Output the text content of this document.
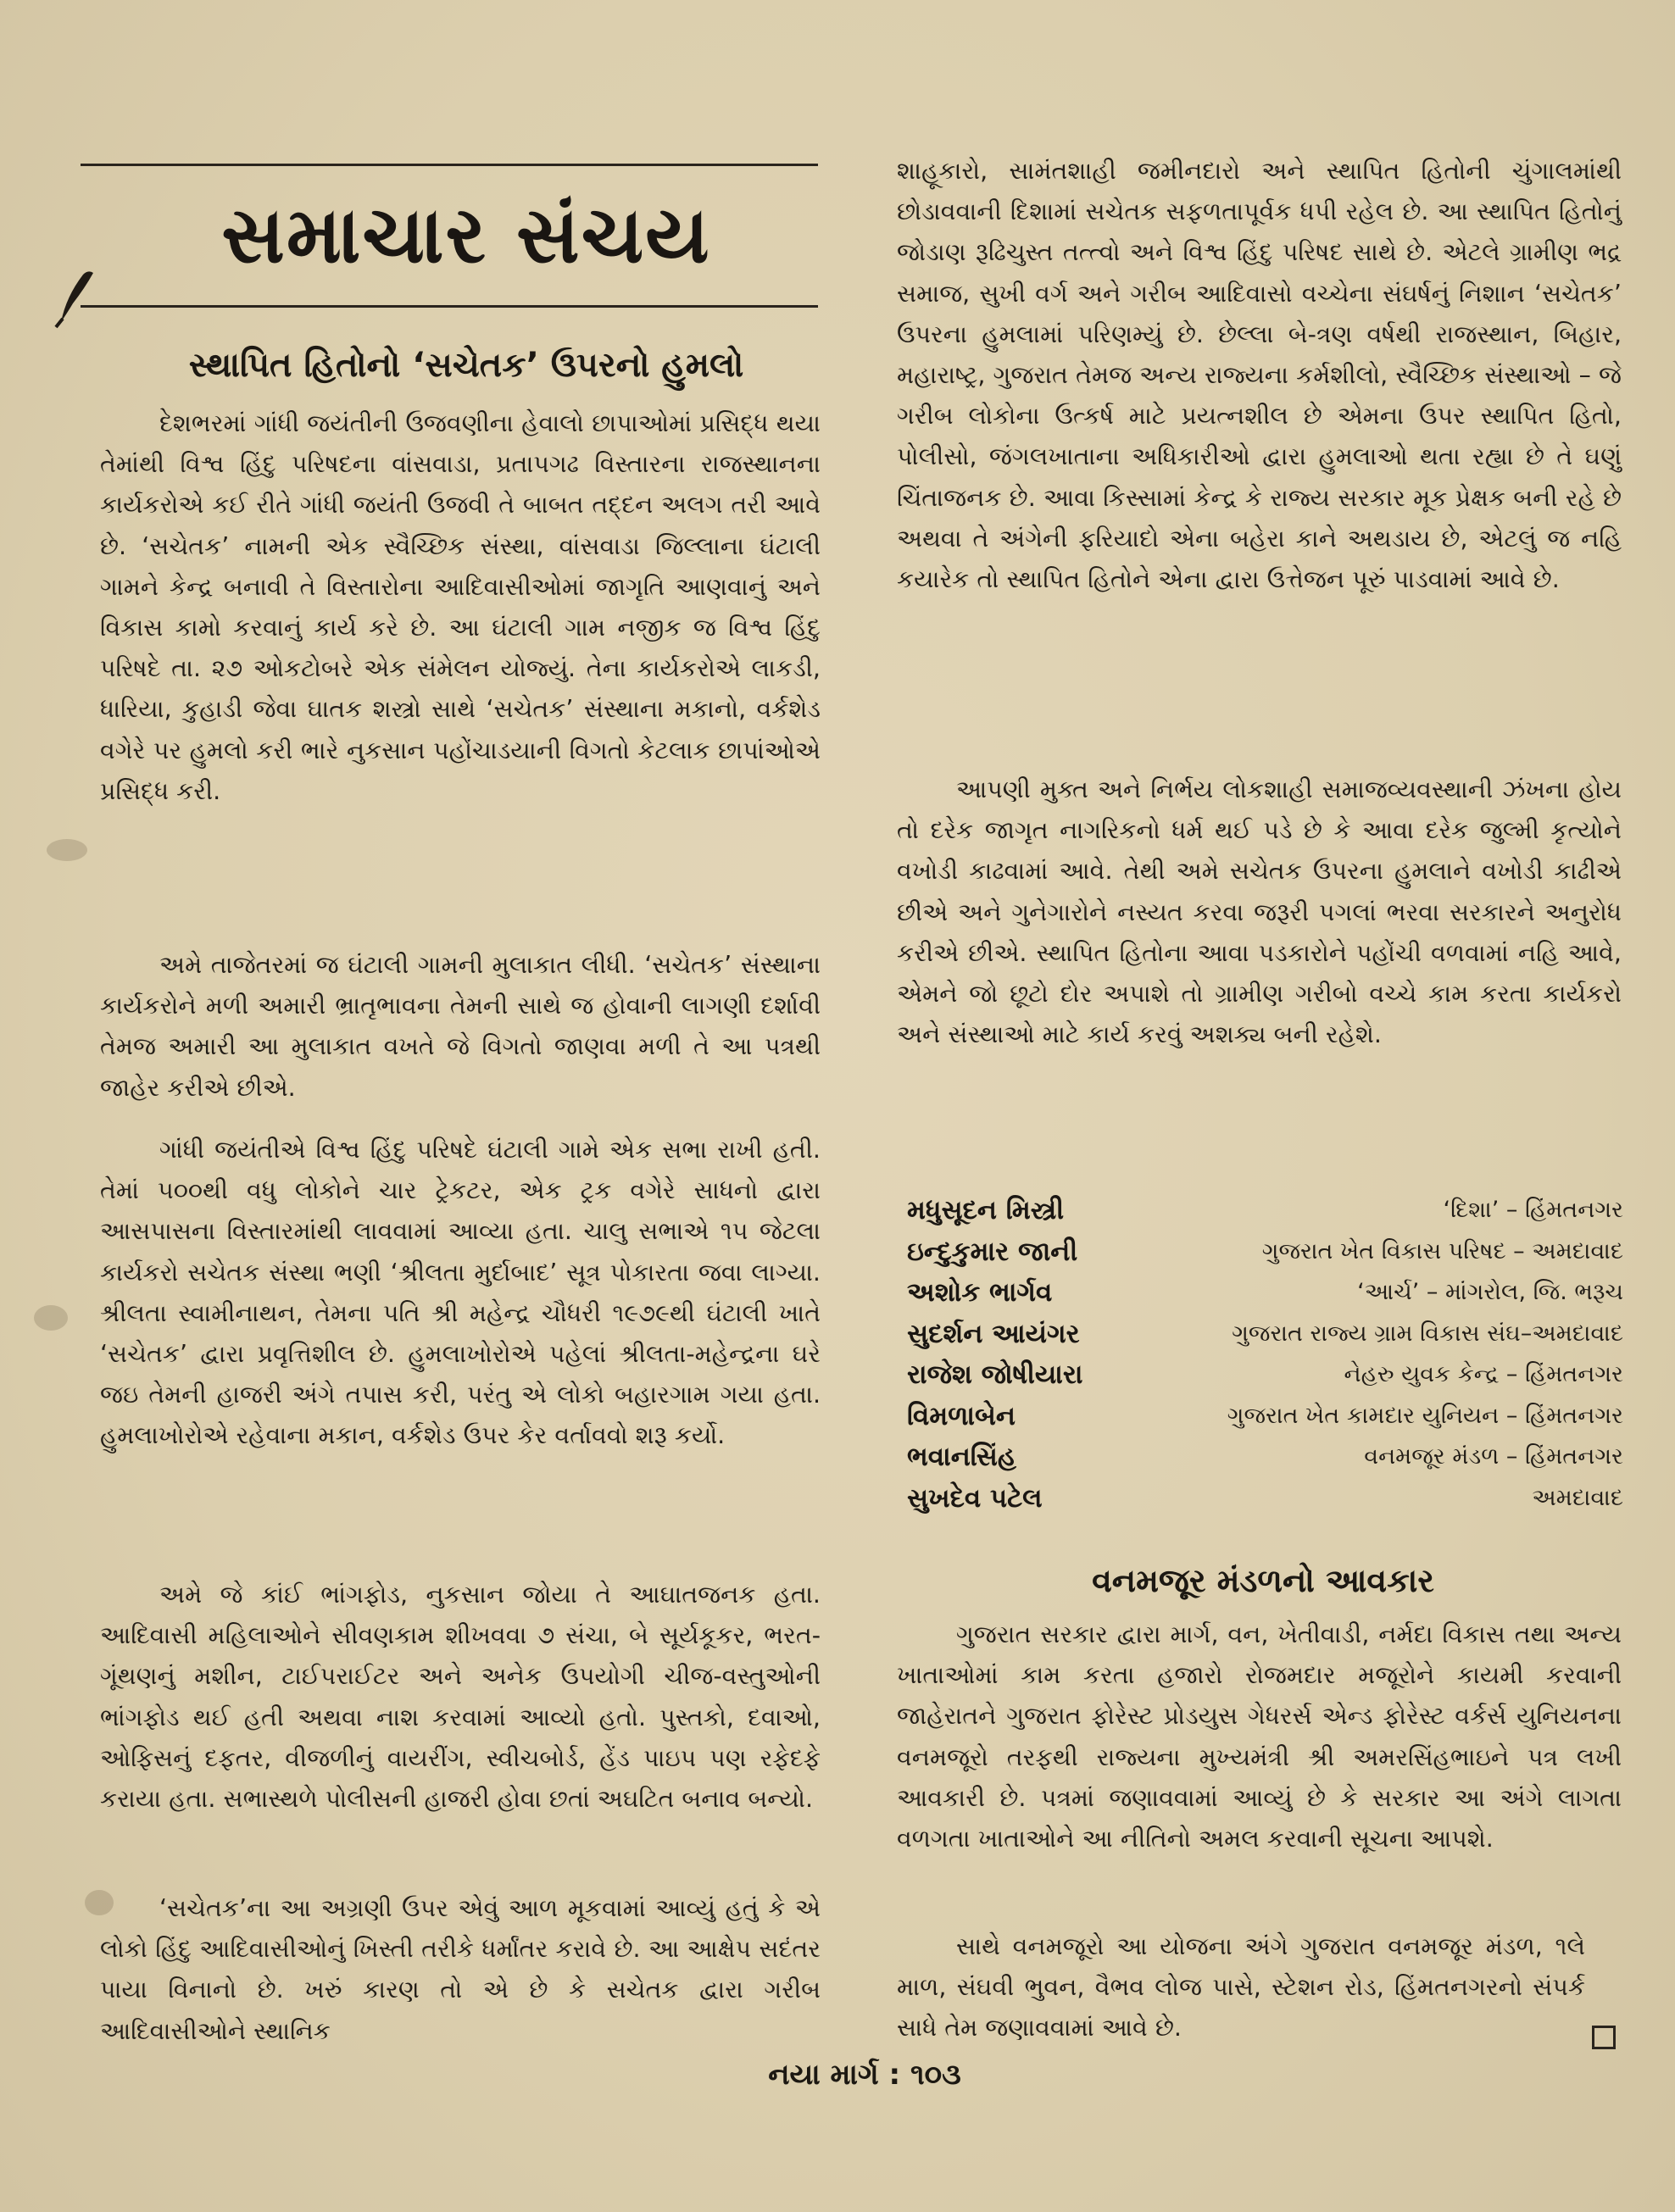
સમાચાર સંચય
સ્થાપિત હિતોનો ‘સચેતક’ ઉપરનો હુમલો

દેશભરમાં ગાંધી જયંતીની ઉજવણીના હેવાલો છાપાઓમાં પ્રસિદ્ધ થયા તેમાંથી વિશ્વ હિંદુ પરિષદના વાંસવાડા, પ્રતાપગઢ વિસ્તારના રાજસ્થાનના કાર્યકરોએ કઈ રીતે ગાંધી જયંતી ઉજવી તે બાબત તદ્દન અલગ તરી આવે છે. ‘સચેતક’ નામની એક સ્વૈચ્છિક સંસ્થા, વાંસવાડા જિલ્લાના ઘંટાલી ગામને કેન્દ્ર બનાવી તે વિસ્તારોના આદિવાસીઓમાં જાગૃતિ આણવાનું અને વિકાસ કામો કરવાનું કાર્ય કરે છે. આ ઘંટાલી ગામ નજીક જ વિશ્વ હિંદુ પરિષદે તા. ૨૭ ઓકટોબરે એક સંમેલન યોજ્યું. તેના કાર્યકરોએ લાકડી, ધારિયા, કુહાડી જેવા ઘાતક શસ્ત્રો સાથે ‘સચેતક’ સંસ્થાના મકાનો, વર્કશેડ વગેરે પર હુમલો કરી ભારે નુકસાન પહોંચાડયાની વિગતો કેટલાક છાપાંઓએ પ્રસિદ્ધ કરી.

અમે તાજેતરમાં જ ઘંટાલી ગામની મુલાકાત લીધી. ‘સચેતક’ સંસ્થાના કાર્યકરોને મળી અમારી ભ્રાતૃભાવના તેમની સાથે જ હોવાની લાગણી દર્શાવી તેમજ અમારી આ મુલાકાત વખતે જે વિગતો જાણવા મળી તે આ પત્રથી જાહેર કરીએ છીએ.

ગાંધી જયંતીએ વિશ્વ હિંદુ પરિષદે ઘંટાલી ગામે એક સભા રાખી હતી. તેમાં ૫૦૦થી વધુ લોકોને ચાર ટ્રેકટર, એક ટ્રક વગેરે સાધનો દ્વારા આસપાસના વિસ્તારમાંથી લાવવામાં આવ્યા હતા. ચાલુ સભાએ ૧૫ જેટલા કાર્યકરો સચેતક સંસ્થા ભણી ‘શ્રીલતા મુર્દાબાદ’ સૂત્ર પોકારતા જવા લાગ્યા. શ્રીલતા સ્વામીનાથન, તેમના પતિ શ્રી મહેન્દ્ર ચૌધરી ૧૯૭૯થી ઘંટાલી ખાતે ‘સચેતક’ દ્વારા પ્રવૃત્તિશીલ છે. હુમલાખોરોએ પહેલાં શ્રીલતા-મહેન્દ્રના ઘરે જઇ તેમની હાજરી અંગે તપાસ કરી, પરંતુ એ લોકો બહારગામ ગયા હતા. હુમલાખોરોએ રહેવાના મકાન, વર્કશેડ ઉપર કેર વર્તાવવો શરૂ કર્યો.

અમે જે કાંઈ ભાંગફોડ, નુકસાન જોયા તે આઘાતજનક હતા. આદિવાસી મહિલાઓને સીવણકામ શીખવવા ૭ સંચા, બે સૂર્યકૂકર, ભરત-ગૂંથણનું મશીન, ટાઈપરાઈટર અને અનેક ઉપયોગી ચીજ-વસ્તુઓની ભાંગફોડ થઈ હતી અથવા નાશ કરવામાં આવ્યો હતો. પુસ્તકો, દવાઓ, ઓફિસનું દફતર, વીજળીનું વાયરીંગ, સ્વીચબોર્ડ, હેંડ પાઇપ પણ રફેદફે કરાયા હતા. સભાસ્થળે પોલીસની હાજરી હોવા છતાં અઘટિત બનાવ બન્યો.

‘સચેતક’ના આ અગ્રણી ઉપર એવું આળ મૂકવામાં આવ્યું હતું કે એ લોકો હિંદુ આદિવાસીઓનું ખિસ્તી તરીકે ધર્માંતર કરાવે છે. આ આક્ષેપ સદંતર પાયા વિનાનો છે. ખરું કારણ તો એ છે કે સચેતક દ્વારા ગરીબ આદિવાસીઓને સ્થાનિક

શાહૂકારો, સામંતશાહી જમીનદારો અને સ્થાપિત હિતોની ચુંગાલમાંથી છોડાવવાની દિશામાં સચેતક સફળતાપૂર્વક ધપી રહેલ છે. આ સ્થાપિત હિતોનું જોડાણ રૂઢિચુસ્ત તત્ત્વો અને વિશ્વ હિંદુ પરિષદ સાથે છે. એટલે ગ્રામીણ ભદ્ર સમાજ, સુખી વર્ગ અને ગરીબ આદિવાસો વચ્ચેના સંઘર્ષનું નિશાન ‘સચેતક’ ઉપરના હુમલામાં પરિણમ્યું છે. છેલ્લા બે-ત્રણ વર્ષથી રાજસ્થાન, બિહાર, મહારાષ્ટ્ર, ગુજરાત તેમજ અન્ય રાજ્યના કર્મશીલો, સ્વૈચ્છિક સંસ્થાઓ – જે ગરીબ લોકોના ઉત્કર્ષ માટે પ્રયત્નશીલ છે એમના ઉપર સ્થાપિત હિતો, પોલીસો, જંગલખાતાના અધિકારીઓ દ્વારા હુમલાઓ થતા રહ્યા છે તે ઘણું ચિંતાજનક છે. આવા કિસ્સામાં કેન્દ્ર કે રાજ્ય સરકાર મૂક પ્રેક્ષક બની રહે છે અથવા તે અંગેની ફરિયાદો એના બહેરા કાને અથડાય છે, એટલું જ નહિ કયારેક તો સ્થાપિત હિતોને એના દ્વારા ઉત્તેજન પૂરું પાડવામાં આવે છે.

આપણી મુક્ત અને નિર્ભય લોકશાહી સમાજવ્યવસ્થાની ઝંખના હોય તો દરેક જાગૃત નાગરિકનો ધર્મ થઈ પડે છે કે આવા દરેક જુલ્મી કૃત્યોને વખોડી કાઢવામાં આવે. તેથી અમે સચેતક ઉપરના હુમલાને વખોડી કાઢીએ છીએ અને ગુનેગારોને નસ્યત કરવા જરૂરી પગલાં ભરવા સરકારને અનુરોધ કરીએ છીએ. સ્થાપિત હિતોના આવા પડકારોને પહોંચી વળવામાં નહિ આવે, એમને જો છૂટો દોર અપાશે તો ગ્રામીણ ગરીબો વચ્ચે કામ કરતા કાર્યકરો અને સંસ્થાઓ માટે કાર્ય કરવું અશક્ય બની રહેશે.

મધુસૂદન મિસ્ત્રી	‘દિશા’ – હિંમતનગર
ઇન્દુકુમાર જાની	ગુજરાત ખેત વિકાસ પરિષદ – અમદાવાદ
અશોક ભાર્ગવ	‘આર્ચ’ – માંગરોલ, જિ. ભરૂચ
સુદર્શન આયંગર	ગુજરાત રાજ્ય ગ્રામ વિકાસ સંઘ–અમદાવાદ
રાજેશ જોષીયારા	નેહરુ યુવક કેન્દ્ર – હિંમતનગર
વિમળાબેન	ગુજરાત ખેત કામદાર યુનિયન – હિંમતનગર
ભવાનસિંહ	વનમજૂર મંડળ – હિંમતનગર
સુખદેવ પટેલ	અમદાવાદ
વનમજૂર મંડળનો આવકાર

ગુજરાત સરકાર દ્વારા માર્ગ, વન, ખેતીવાડી, નર્મદા વિકાસ તથા અન્ય ખાતાઓમાં કામ કરતા હજારો રોજમદાર મજૂરોને કાયમી કરવાની જાહેરાતને ગુજરાત ફોરેસ્ટ પ્રોડયુસ ગેધરર્સ એન્ડ ફોરેસ્ટ વર્કર્સ યુનિયનના વનમજૂરો તરફથી રાજ્યના મુખ્યમંત્રી શ્રી અમરસિંહભાઇને પત્ર લખી આવકારી છે. પત્રમાં જણાવવામાં આવ્યું છે કે સરકાર આ અંગે લાગતા વળગતા ખાતાઓને આ નીતિનો અમલ કરવાની સૂચના આપશે.

સાથે વનમજૂરો આ યોજના અંગે ગુજરાત વનમજૂર મંડળ, ૧લે માળ, સંઘવી ભુવન, વૈભવ લોજ પાસે, સ્ટેશન રોડ, હિંમતનગરનો સંપર્ક સાધે તેમ જણાવવામાં આવે છે.

નયા માર્ગ : ૧૦૩
